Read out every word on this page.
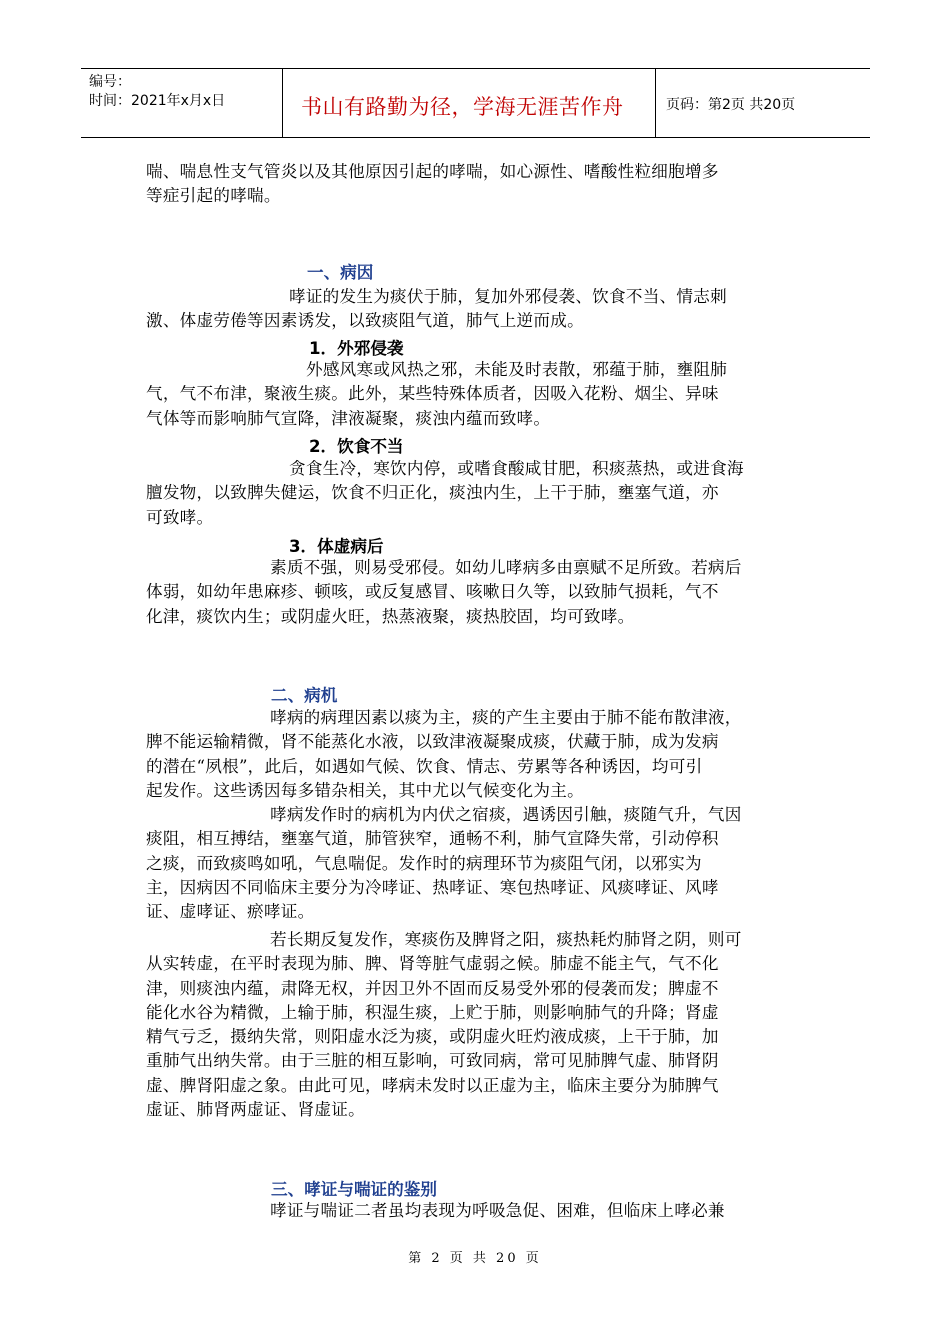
编号：
时间：2021年x月x日	书山有路勤为径，学海无涯苦作舟	页码：第2页 共20页
喘、喘息性支气管炎以及其他原因引起的哮喘，如心源性、嗜酸性粒细胞增多
等症引起的哮喘。
一、病因
哮证的发生为痰伏于肺，复加外邪侵袭、饮食不当、情志刺
激、体虚劳倦等因素诱发，以致痰阻气道，肺气上逆而成。
1．外邪侵袭
外感风寒或风热之邪，未能及时表散，邪蕴于肺，壅阻肺
气，气不布津，聚液生痰。此外，某些特殊体质者，因吸入花粉、烟尘、异味
气体等而影响肺气宣降，津液凝聚，痰浊内蕴而致哮。
2．饮食不当
贪食生冷，寒饮内停，或嗜食酸咸甘肥，积痰蒸热，或进食海
膻发物，以致脾失健运，饮食不归正化，痰浊内生，上干于肺，壅塞气道，亦
可致哮。
3．体虚病后
素质不强，则易受邪侵。如幼儿哮病多由禀赋不足所致。若病后
体弱，如幼年患麻疹、顿咳，或反复感冒、咳嗽日久等，以致肺气损耗，气不
化津，痰饮内生；或阴虚火旺，热蒸液聚，痰热胶固，均可致哮。
二、病机
哮病的病理因素以痰为主，痰的产生主要由于肺不能布散津液，
脾不能运输精微，肾不能蒸化水液，以致津液凝聚成痰，伏藏于肺，成为发病
的潜在“夙根”，此后，如遇如气候、饮食、情志、劳累等各种诱因，均可引
起发作。这些诱因每多错杂相关，其中尤以气候变化为主。
哮病发作时的病机为内伏之宿痰，遇诱因引触，痰随气升，气因
痰阻，相互搏结，壅塞气道，肺管狭窄，通畅不利，肺气宣降失常，引动停积
之痰，而致痰鸣如吼，气息喘促。发作时的病理环节为痰阻气闭，以邪实为
主，因病因不同临床主要分为冷哮证、热哮证、寒包热哮证、风痰哮证、风哮
证、虚哮证、瘀哮证。
若长期反复发作，寒痰伤及脾肾之阳，痰热耗灼肺肾之阴，则可
从实转虚，在平时表现为肺、脾、肾等脏气虚弱之候。肺虚不能主气，气不化
津，则痰浊内蕴，肃降无权，并因卫外不固而反易受外邪的侵袭而发；脾虚不
能化水谷为精微，上输于肺，积湿生痰，上贮于肺，则影响肺气的升降；肾虚
精气亏乏，摄纳失常，则阳虚水泛为痰，或阴虚火旺灼液成痰，上干于肺，加
重肺气出纳失常。由于三脏的相互影响，可致同病，常可见肺脾气虚、肺肾阴
虚、脾肾阳虚之象。由此可见，哮病未发时以正虚为主，临床主要分为肺脾气
虚证、肺肾两虚证、肾虚证。
三、哮证与喘证的鉴别
哮证与喘证二者虽均表现为呼吸急促、困难，但临床上哮必兼
第 2 页 共 20 页
